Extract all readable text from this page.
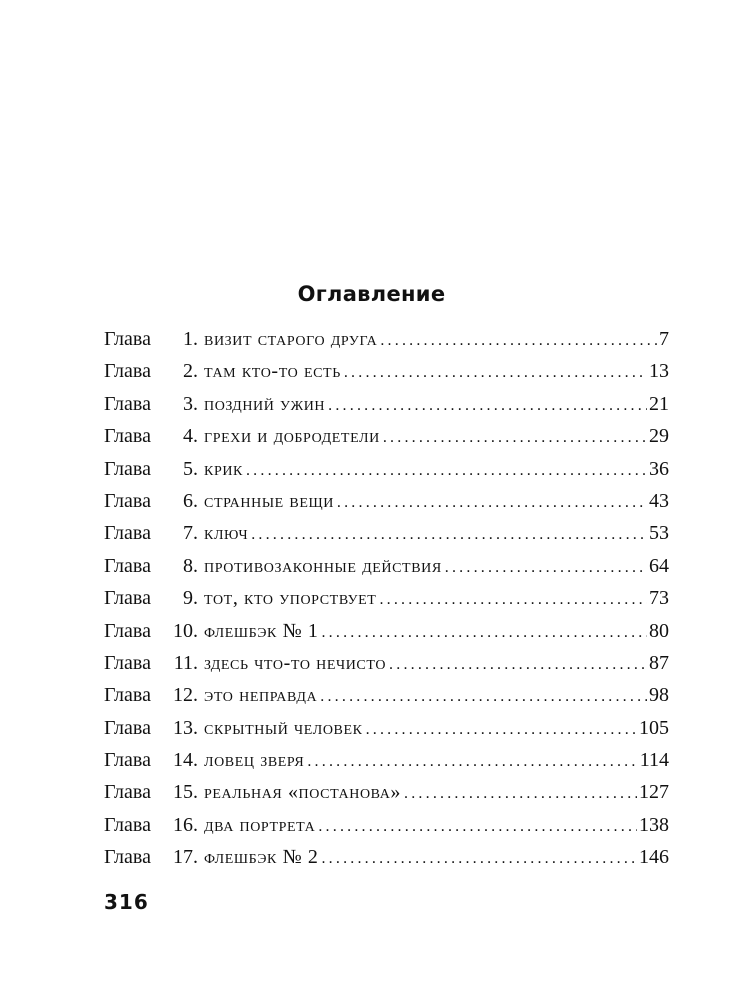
Оглавление
Глава	1. визит старого друга .....	7
Глава	2. там кто-то есть .....	13
Глава	3. поздний ужин .....	21
Глава	4. грехи и добродетели .....	29
Глава	5. крик .....	36
Глава	6. странные вещи .....	43
Глава	7. ключ .....	53
Глава	8. противозаконные действия .....	64
Глава	9. тот, кто упорствует .....	73
Глава	10. флешбэк № 1 .....	80
Глава	11. здесь что-то нечисто .....	87
Глава	12. это неправда .....	98
Глава	13. скрытный человек .....	105
Глава	14. ловец зверя .....	114
Глава	15. реальная «постанова» .....	127
Глава	16. два портрета .....	138
Глава	17. флешбэк № 2 .....	146
316
